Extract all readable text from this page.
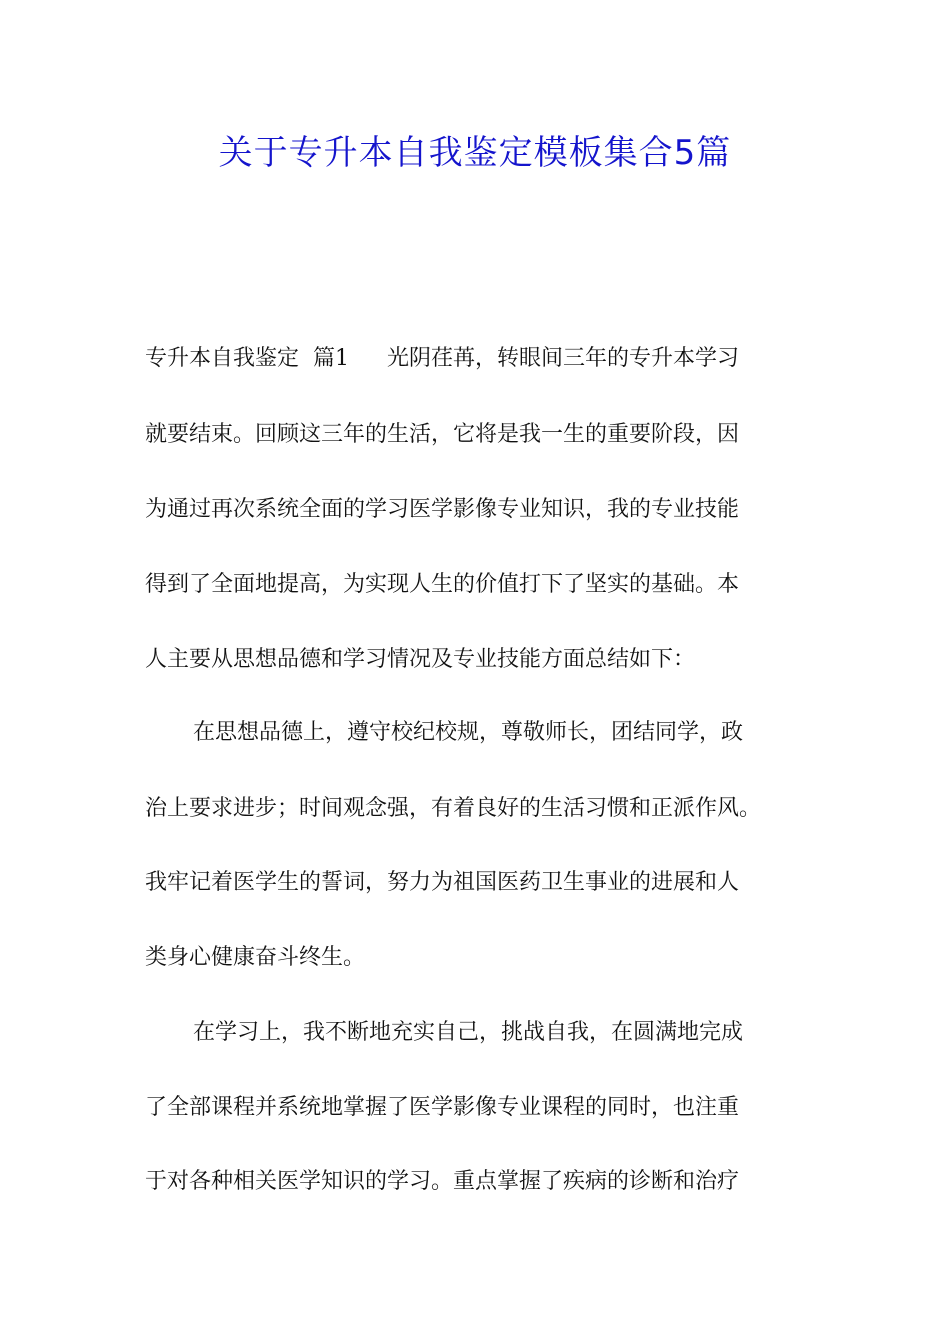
关于专升本自我鉴定模板集合5篇
专升本自我鉴定  篇1 光阴荏苒，转眼间三年的专升本学习
就要结束。回顾这三年的生活，它将是我一生的重要阶段，因
为通过再次系统全面的学习医学影像专业知识，我的专业技能
得到了全面地提高，为实现人生的价值打下了坚实的基础。本
人主要从思想品德和学习情况及专业技能方面总结如下：
在思想品德上，遵守校纪校规，尊敬师长，团结同学，政
治上要求进步；时间观念强，有着良好的生活习惯和正派作风。
我牢记着医学生的誓词，努力为祖国医药卫生事业的进展和人
类身心健康奋斗终生。
在学习上，我不断地充实自己，挑战自我，在圆满地完成
了全部课程并系统地掌握了医学影像专业课程的同时，也注重
于对各种相关医学知识的学习。重点掌握了疾病的诊断和治疗
